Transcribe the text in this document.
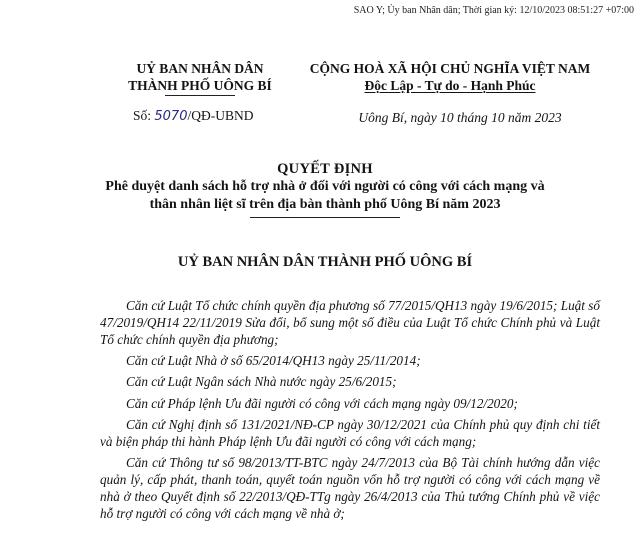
SAO Y; Ủy ban Nhân dân; Thời gian ký: 12/10/2023 08:51:27 +07:00
UỶ BAN NHÂN DÂN
THÀNH PHỐ UÔNG BÍ
Số: 5070/QĐ-UBND
CỘNG HOÀ XÃ HỘI CHỦ NGHĨA VIỆT NAM
Độc Lập - Tự do - Hạnh Phúc
Uông Bí, ngày 10 tháng 10 năm 2023
QUYẾT ĐỊNH
Phê duyệt danh sách hỗ trợ nhà ở đối với người có công với cách mạng và
thân nhân liệt sĩ trên địa bàn thành phố Uông Bí năm 2023
UỶ BAN NHÂN DÂN THÀNH PHỐ UÔNG BÍ

Căn cứ Luật Tổ chức chính quyền địa phương số 77/2015/QH13 ngày 19/6/2015; Luật số 47/2019/QH14 22/11/2019 Sửa đổi, bổ sung một số điều của Luật Tổ chức Chính phủ và Luật Tổ chức chính quyền địa phương;

Căn cứ Luật Nhà ở số 65/2014/QH13 ngày 25/11/2014;

Căn cứ Luật Ngân sách Nhà nước ngày 25/6/2015;

Căn cứ Pháp lệnh Ưu đãi người có công với cách mạng ngày 09/12/2020;

Căn cứ Nghị định số 131/2021/NĐ-CP ngày 30/12/2021 của Chính phủ quy định chi tiết và biện pháp thi hành Pháp lệnh Ưu đãi người có công với cách mạng;

Căn cứ Thông tư số 98/2013/TT-BTC ngày 24/7/2013 của Bộ Tài chính hướng dẫn việc quản lý, cấp phát, thanh toán, quyết toán nguồn vốn hỗ trợ người có công với cách mạng về nhà ở theo Quyết định số 22/2013/QĐ-TTg ngày 26/4/2013 của Thủ tướng Chính phủ về việc hỗ trợ người có công với cách mạng về nhà ở;
